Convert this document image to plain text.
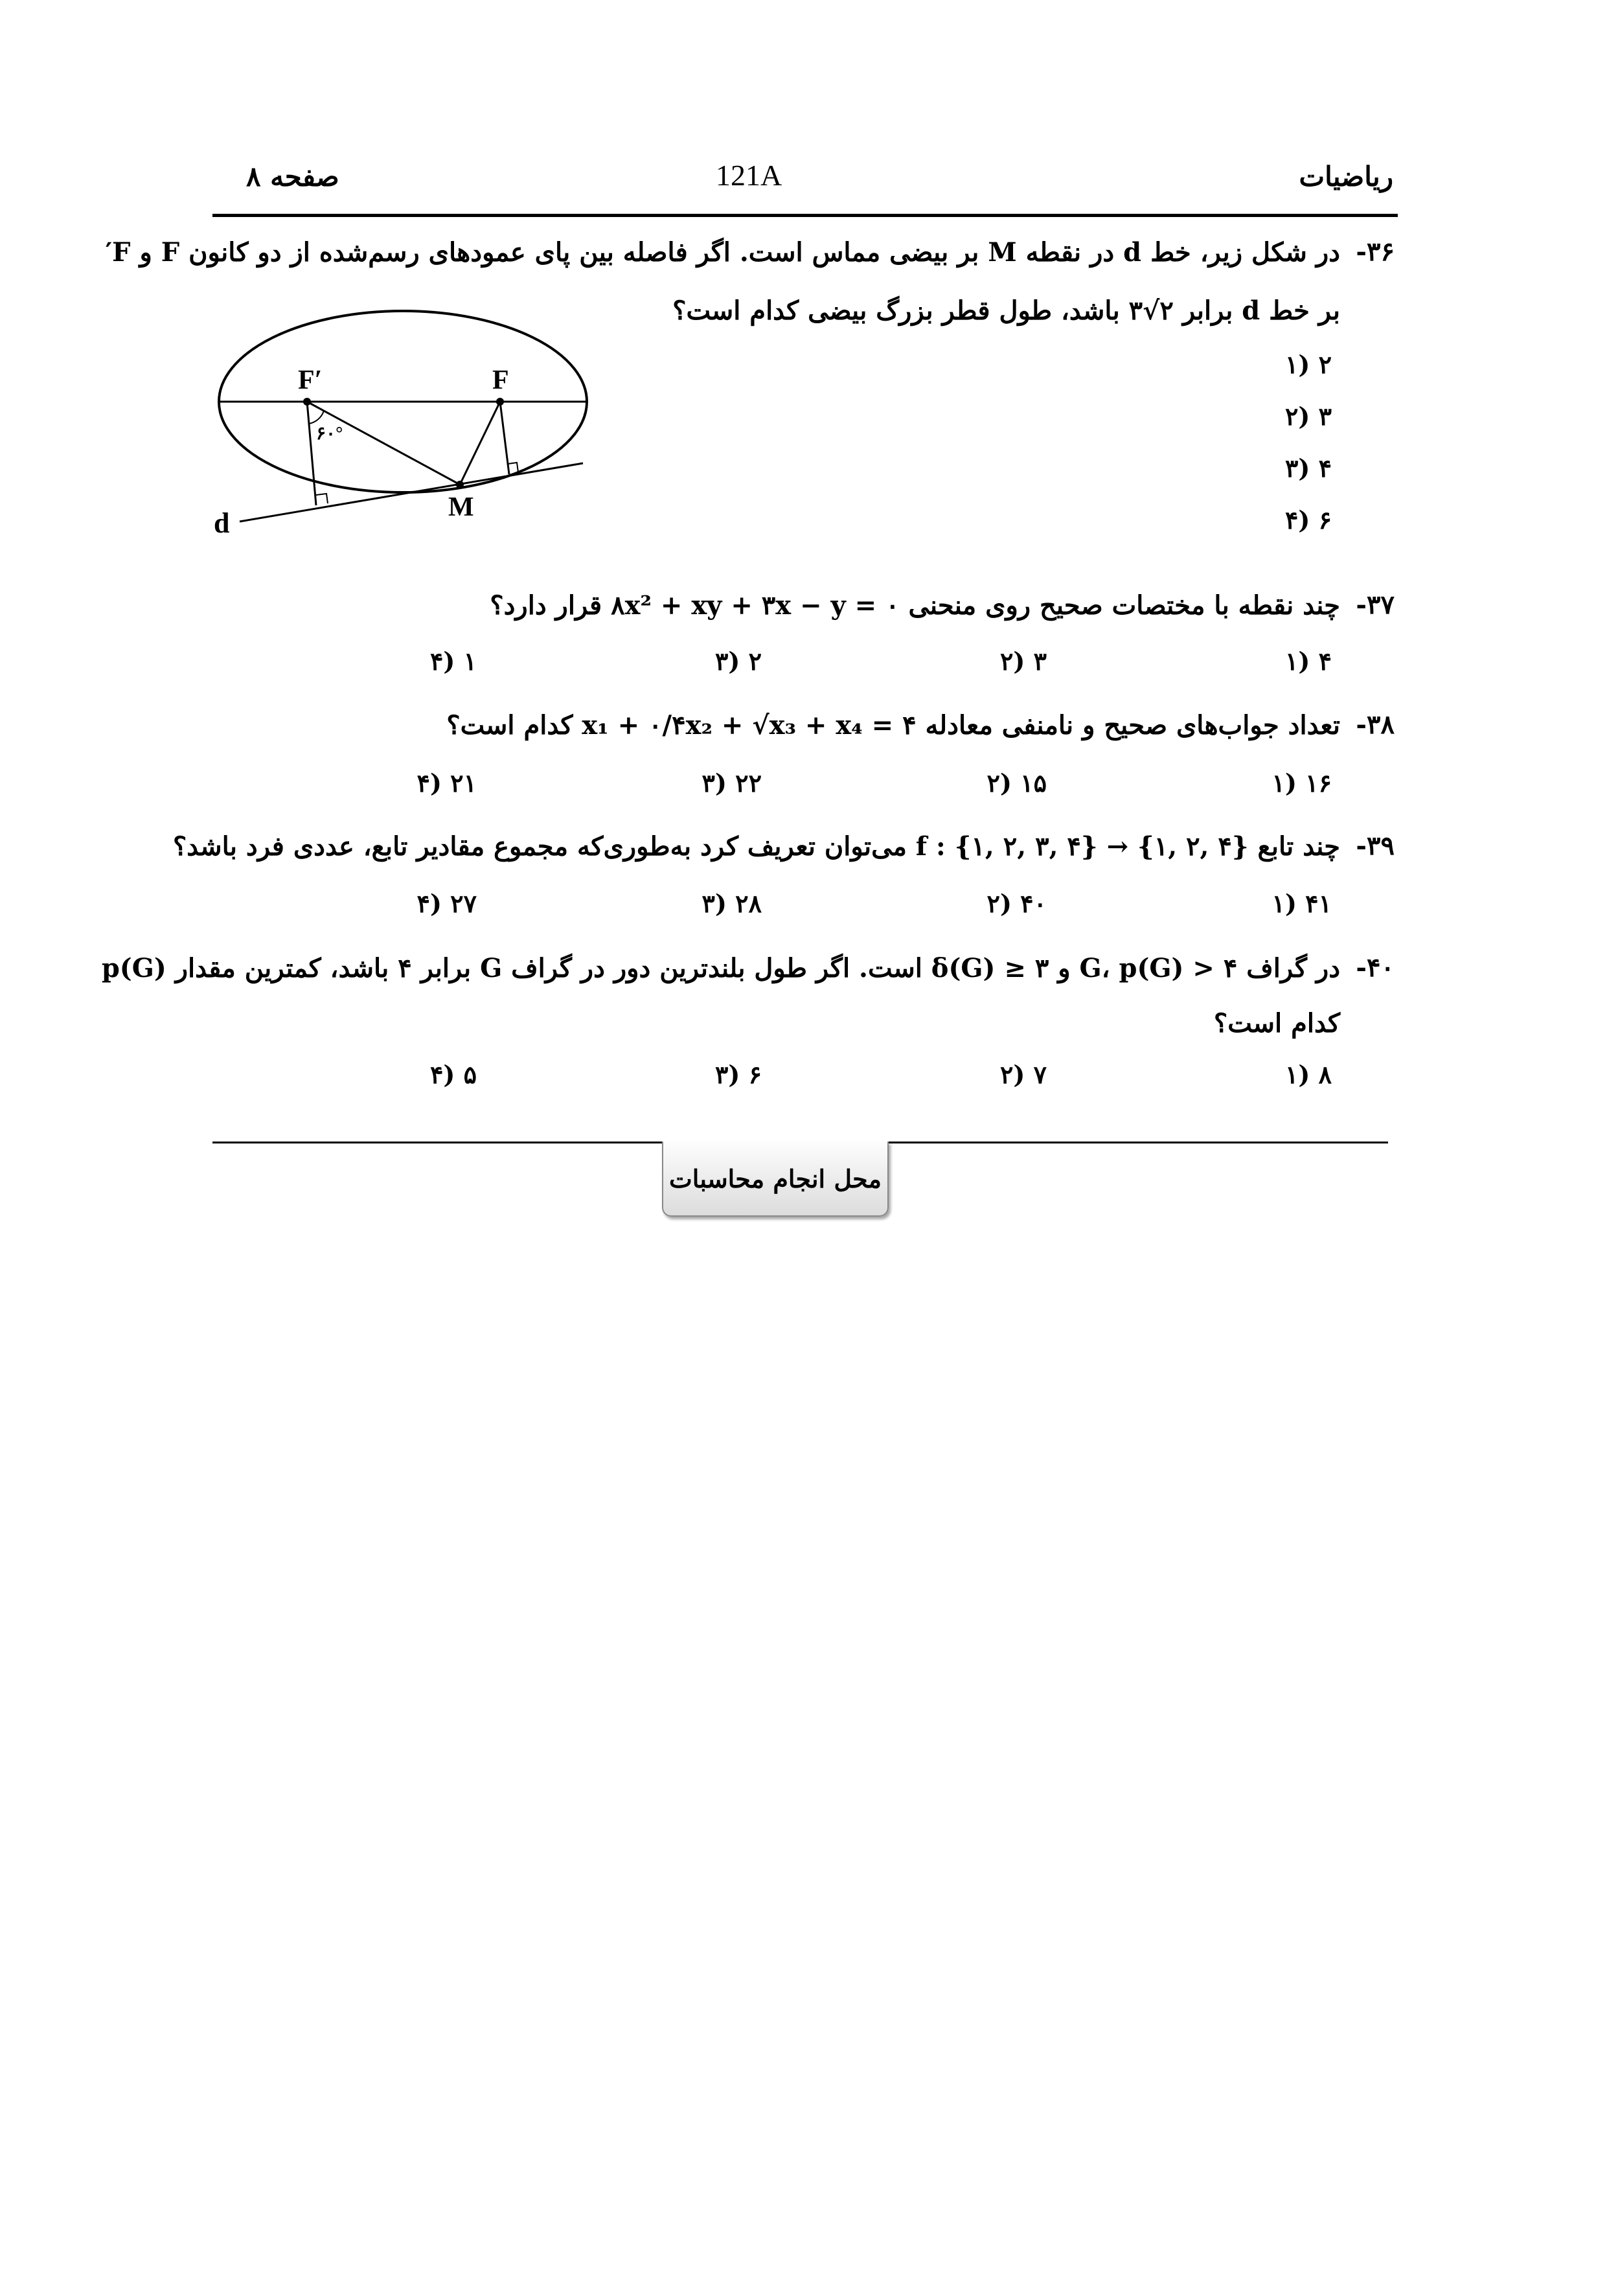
ریاضیات
121A
صفحه ۸
۳۶-
در شکل زیر، خط d در نقطه M بر بیضی مماس است. اگر فاصله بین پای عمودهای رسم‌شده از دو کانون F و F′
بر خط d برابر ۲√۳ باشد، طول قطر بزرگ بیضی کدام است؟
۲ (۱
۳ (۲
۴ (۳
۶ (۴
F′	F
M
d
۶۰°
۳۷-
چند نقطه با مختصات صحیح روی منحنی ۸x² + xy + ۳x − y = ۰ قرار دارد؟
۴ (۱
۳ (۲
۲ (۳
۱ (۴
۳۸-
تعداد جواب‌های صحیح و نامنفی معادله x₁ + ۰/۴x₂ + √x₃ + x₄ = ۴ کدام است؟
۱۶ (۱
۱۵ (۲
۲۲ (۳
۲۱ (۴
۳۹-
چند تابع f : {۱, ۲, ۳, ۴} → {۱, ۲, ۴} می‌توان تعریف کرد به‌طوری‌که مجموع مقادیر تابع، عددی فرد باشد؟
۴۱ (۱
۴۰ (۲
۲۸ (۳
۲۷ (۴
۴۰-
در گراف G، p(G) > ۴ و δ(G) ≥ ۳ است. اگر طول بلندترین دور در گراف G برابر ۴ باشد، کمترین مقدار p(G)
کدام است؟
۸ (۱
۷ (۲
۶ (۳
۵ (۴
محل انجام محاسبات
